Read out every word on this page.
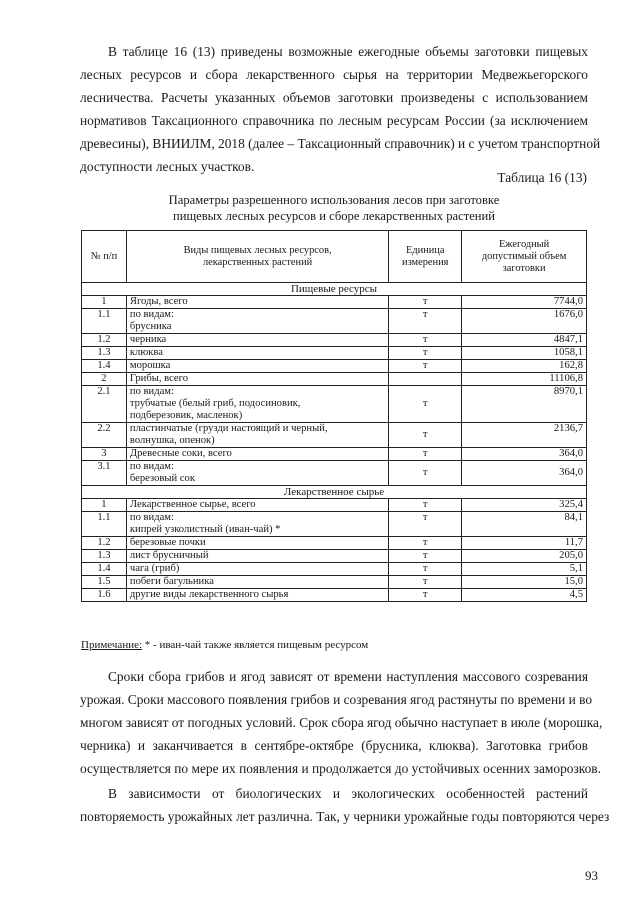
В таблице 16 (13) приведены возможные ежегодные объемы заготовки пищевых
лесных ресурсов и сбора лекарственного сырья на территории Медвежьегорского
лесничества. Расчеты указанных объемов заготовки произведены с использованием
нормативов Таксационного справочника по лесным ресурсам России (за исключением
древесины), ВНИИЛМ, 2018 (далее – Таксационный справочник) и с учетом транспортной
доступности лесных участков.

Таблица 16 (13)
Параметры разрешенного использования лесов при заготовке
пищевых лесных ресурсов и сборе лекарственных растений
№ п/п	Виды пищевых лесных ресурсов,
лекарственных растений	Единица
измерения	Ежегодный
допустимый объем
заготовки
Пищевые ресурсы			
1	Ягоды, всего	т	7744,0
1.1	по видам:
брусника	т	1676,0
1.2	черника	т	4847,1
1.3	клюква	т	1058,1
1.4	морошка	т	162,8
2	Грибы, всего		11106,8
2.1	по видам:
трубчатые (белый гриб, подосиновик,
подберезовик, масленок)	т	8970,1
2.2	пластинчатые (грузди настоящий и черный,
волнушка, опенок)	т	2136,7
3	Древесные соки, всего	т	364,0
3.1	по видам:
березовый сок	т	364,0
Лекарственное сырье			
1	Лекарственное сырье, всего	т	325,4
1.1	по видам:
кипрей узколистный (иван-чай) *	т	84,1
1.2	березовые почки	т	11,7
1.3	лист брусничный	т	205,0
1.4	чага (гриб)	т	5,1
1.5	побеги багульника	т	15,0
1.6	другие виды лекарственного сырья	т	4,5
Примечание: * - иван-чай также является пищевым ресурсом

Сроки сбора грибов и ягод зависят от времени наступления массового созревания
урожая. Сроки массового появления грибов и созревания ягод растянуты по времени и во
многом зависят от погодных условий. Срок сбора ягод обычно наступает в июле (морошка,
черника) и заканчивается в сентябре-октябре (брусника, клюква). Заготовка грибов
осуществляется по мере их появления и продолжается до устойчивых осенних заморозков.

В зависимости от биологических и экологических особенностей растений
повторяемость урожайных лет различна. Так, у черники урожайные годы повторяются через

93
